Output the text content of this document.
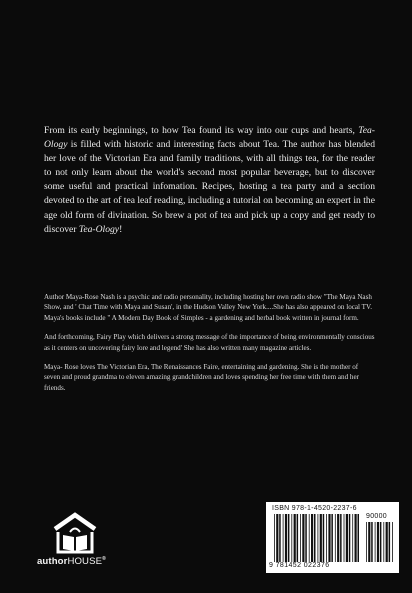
From its early beginnings, to how Tea found its way into our cups and hearts, Tea-Ology is filled with historic and interesting facts about Tea. The author has blended her love of the Victorian Era and family traditions, with all things tea, for the reader to not only learn about the world's second most popular beverage, but to discover some useful and practical infomation. Recipes, hosting a tea party and a section devoted to the art of tea leaf reading, including a tutorial on becoming an expert in the age old form of divination. So brew a pot of tea and pick up a copy and get ready to discover Tea-Ology!

Author Maya-Rose Nash is a psychic and radio personality, including hosting her own radio show "The Maya Nash Show, and ' Chat Time with Maya and Susan', in the Hudson Valley New York....She has also appeared on local TV. Maya's books include " A Modern Day Book of Simples - a gardening and herbal book written in journal form.

And forthcoming, Fairy Play which delivers a strong message of the importance of being environmentally conscious as it centers on uncovering fairy lore and legend' She has also written many magazine articles.

Maya- Rose loves The Victorian Era, The Renaissances Faire, entertaining and gardening. She is the mother of seven and proud grandma to eleven amazing grandchildren and loves spending her free time with them and her friends.

authorHOUSE®
ISBN 978-1-4520-2237-6
90000
9 781452 022376
